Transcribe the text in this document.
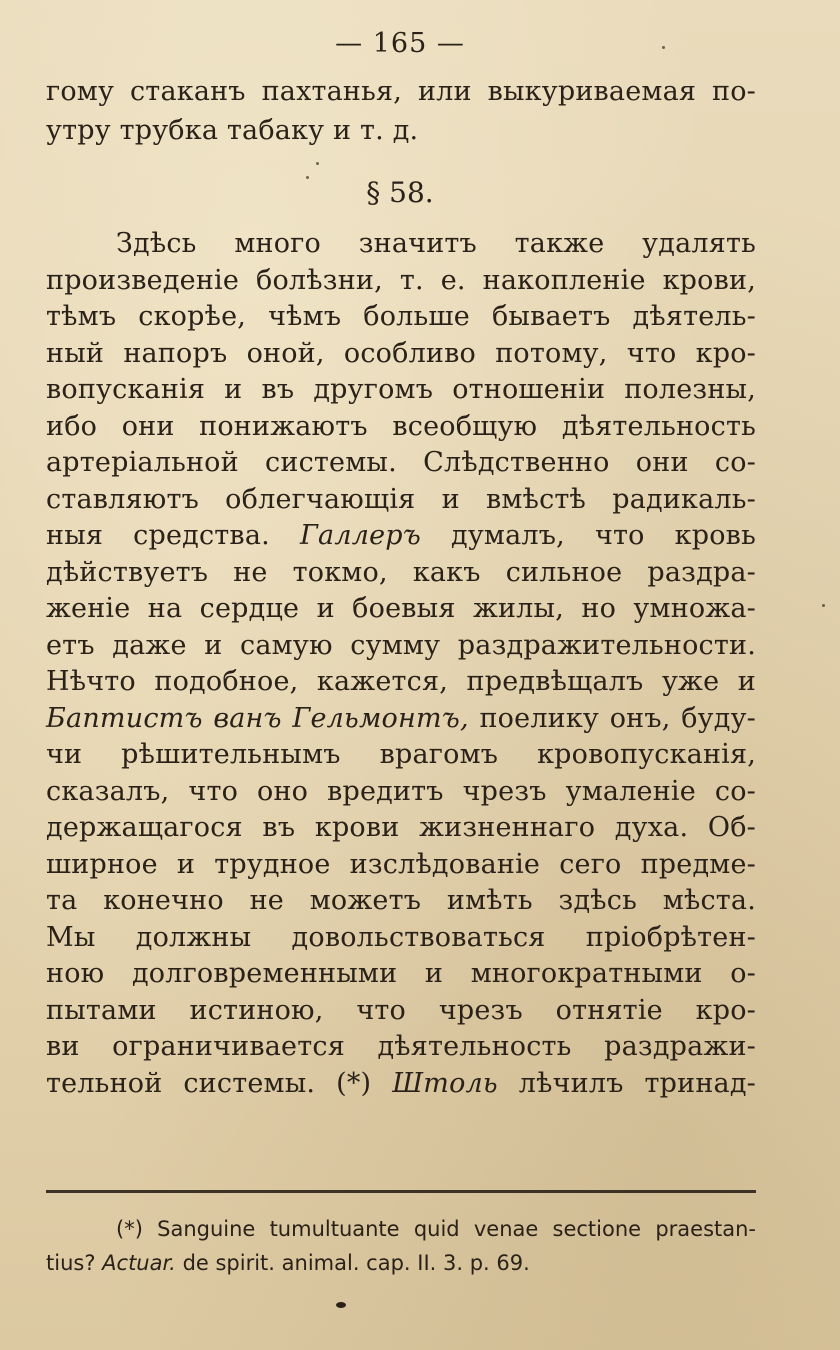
— 165 —
гому стаканъ пахтанья, или выкуриваемая по-
утру трубка табаку и т. д.
§ 58.
Здѣсь много значитъ также удалять
произведенie болѣзни, т. е. накопленie крови,
тѣмъ скорѣе, чѣмъ больше бываетъ дѣятель-
ный напоръ оной, особливо потому, что кро-
вопусканія и въ другомъ отношеніи полезны,
ибо они понижаютъ всеобщую дѣятельность
артеріальной системы. Слѣдственно они со-
ставляютъ облегчающія и вмѣстѣ радикаль-
ныя средства. Галлеръ думалъ, что кровь
дѣйствуетъ не токмо, какъ сильное раздра-
женіе на сердце и боевыя жилы, но умножа-
етъ даже и самую сумму раздражительности.
Нѣчто подобное, кажется, предвѣщалъ уже и
Баптистъ ванъ Гельмонтъ, поелику онъ, буду-
чи рѣшительнымъ врагомъ кровопусканія,
сказалъ, что оно вредитъ чрезъ умаленіе со-
держащагося въ крови жизненнаго духа. Об-
ширное и трудное изслѣдованіе сего предме-
та конечно не можетъ имѣть здѣсь мѣста.
Мы должны довольствоваться пріобрѣтен-
ною долговременными и многократными о-
пытами истиною, что чрезъ отнятіе кро-
ви ограничивается дѣятельность раздражи-
тельной системы. (*) Штоль лѣчилъ тринад-
(*) Sanguine tumultuante quid venae sectione praestan-
tius? Actuar. de spirit. animal. cap. II. 3. p. 69.
